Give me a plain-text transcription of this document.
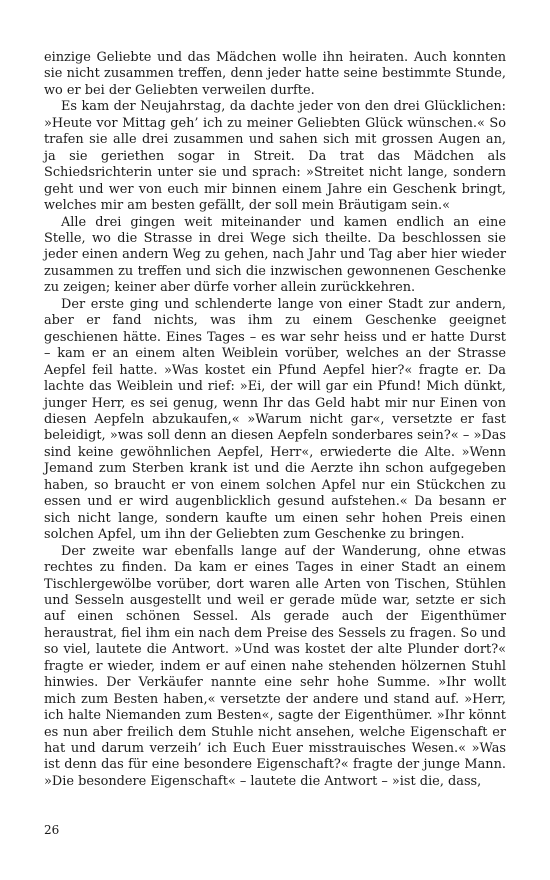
einzige Geliebte und das Mädchen wolle ihn heiraten. Auch konnten sie nicht zusammen treffen, denn jeder hatte seine bestimmte Stunde, wo er bei der Geliebten verweilen durfte.

Es kam der Neujahrstag, da dachte jeder von den drei Glücklichen: »Heute vor Mittag geh’ ich zu meiner Geliebten Glück wünschen.« So trafen sie alle drei zusammen und sahen sich mit grossen Augen an, ja sie geriethen sogar in Streit. Da trat das Mädchen als Schiedsrichterin unter sie und sprach: »Streitet nicht lange, sondern geht und wer von euch mir binnen einem Jahre ein Geschenk bringt, welches mir am besten gefällt, der soll mein Bräutigam sein.«

Alle drei gingen weit miteinander und kamen endlich an eine Stelle, wo die Strasse in drei Wege sich theilte. Da beschlossen sie jeder einen andern Weg zu gehen, nach Jahr und Tag aber hier wieder zusammen zu treffen und sich die inzwischen gewonnenen Geschenke zu zeigen; keiner aber dürfe vorher allein zurückkehren.

Der erste ging und schlenderte lange von einer Stadt zur andern, aber er fand nichts, was ihm zu einem Geschenke geeignet geschienen hätte. Eines Tages – es war sehr heiss und er hatte Durst – kam er an einem alten Weiblein vorüber, welches an der Strasse Aepfel feil hatte. »Was kostet ein Pfund Aepfel hier?« fragte er. Da lachte das Weiblein und rief: »Ei, der will gar ein Pfund! Mich dünkt, junger Herr, es sei genug, wenn Ihr das Geld habt mir nur Einen von diesen Aepfeln abzukaufen,« »Warum nicht gar«, versetzte er fast beleidigt, »was soll denn an diesen Aepfeln sonderbares sein?« – »Das sind keine gewöhnlichen Aepfel, Herr«, erwiederte die Alte. »Wenn Jemand zum Sterben krank ist und die Aerzte ihn schon aufgegeben haben, so braucht er von einem solchen Apfel nur ein Stückchen zu essen und er wird augenblicklich gesund aufstehen.« Da besann er sich nicht lange, sondern kaufte um einen sehr hohen Preis einen solchen Apfel, um ihn der Geliebten zum Geschenke zu bringen.

Der zweite war ebenfalls lange auf der Wanderung, ohne etwas rechtes zu finden. Da kam er eines Tages in einer Stadt an einem Tischlergewölbe vorüber, dort waren alle Arten von Tischen, Stühlen und Sesseln ausgestellt und weil er gerade müde war, setzte er sich auf einen schönen Sessel. Als gerade auch der Eigenthümer heraustrat, fiel ihm ein nach dem Preise des Sessels zu fragen. So und so viel, lautete die Antwort. »Und was kostet der alte Plunder dort?« fragte er wieder, indem er auf einen nahe stehenden hölzernen Stuhl hinwies. Der Verkäufer nannte eine sehr hohe Summe. »Ihr wollt mich zum Besten haben,« versetzte der andere und stand auf. »Herr, ich halte Niemanden zum Besten«, sagte der Eigenthümer. »Ihr könnt es nun aber freilich dem Stuhle nicht ansehen, welche Eigenschaft er hat und darum verzeih’ ich Euch Euer misstrauisches Wesen.« »Was ist denn das für eine besondere Eigenschaft?« fragte der junge Mann. »Die besondere Eigenschaft« – lautete die Antwort – »ist die, dass,

26
